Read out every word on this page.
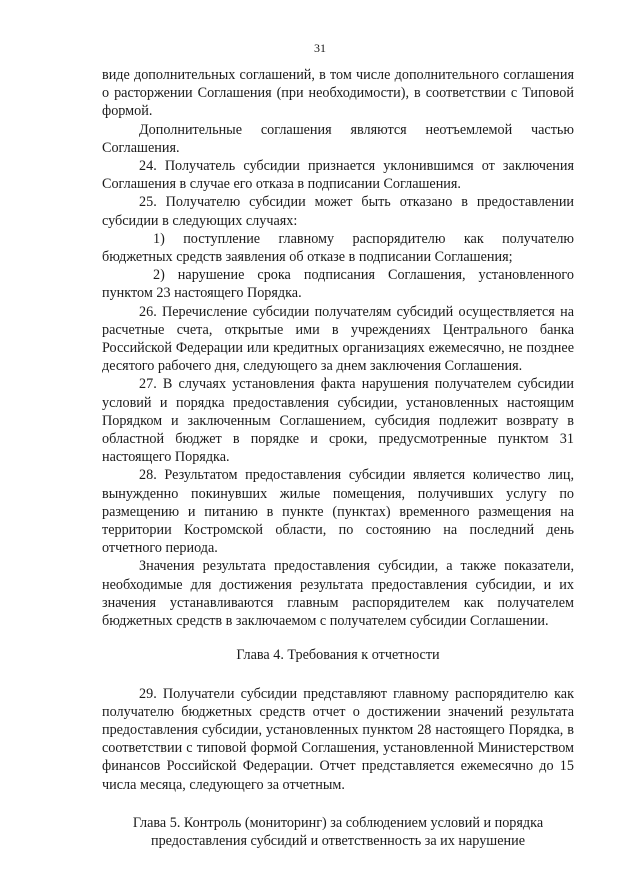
31

виде дополнительных соглашений, в том числе дополнительного соглашения о расторжении Соглашения (при необходимости), в соответствии с Типовой формой.

Дополнительные соглашения являются неотъемлемой частью Соглашения.

24. Получатель субсидии признается уклонившимся от заключения Соглашения в случае его отказа в подписании Соглашения.

25. Получателю субсидии может быть отказано в предоставлении субсидии в следующих случаях:

1) поступление главному распорядителю как получателю бюджетных средств заявления об отказе в подписании Соглашения;

2) нарушение срока подписания Соглашения, установленного пунктом 23 настоящего Порядка.

26. Перечисление субсидии получателям субсидий осуществляется на расчетные счета, открытые ими в учреждениях Центрального банка Российской Федерации или кредитных организациях ежемесячно, не позднее десятого рабочего дня, следующего за днем заключения Соглашения.

27. В случаях установления факта нарушения получателем субсидии условий и порядка предоставления субсидии, установленных настоящим Порядком и заключенным Соглашением, субсидия подлежит возврату в областной бюджет в порядке и сроки, предусмотренные пунктом 31 настоящего Порядка.

28. Результатом предоставления субсидии является количество лиц, вынужденно покинувших жилые помещения, получивших услугу по размещению и питанию в пункте (пунктах) временного размещения на территории Костромской области, по состоянию на последний день отчетного периода.

Значения результата предоставления субсидии, а также показатели, необходимые для достижения результата предоставления субсидии, и их значения устанавливаются главным распорядителем как получателем бюджетных средств в заключаемом с получателем субсидии Соглашении.

Глава 4. Требования к отчетности

29. Получатели субсидии представляют главному распорядителю как получателю бюджетных средств отчет о достижении значений результата предоставления субсидии, установленных пунктом 28 настоящего Порядка, в соответствии с типовой формой Соглашения, установленной Министерством финансов Российской Федерации. Отчет представляется ежемесячно до 15 числа месяца, следующего за отчетным.

Глава 5. Контроль (мониторинг) за соблюдением условий и порядка

предоставления субсидий и ответственность за их нарушение
